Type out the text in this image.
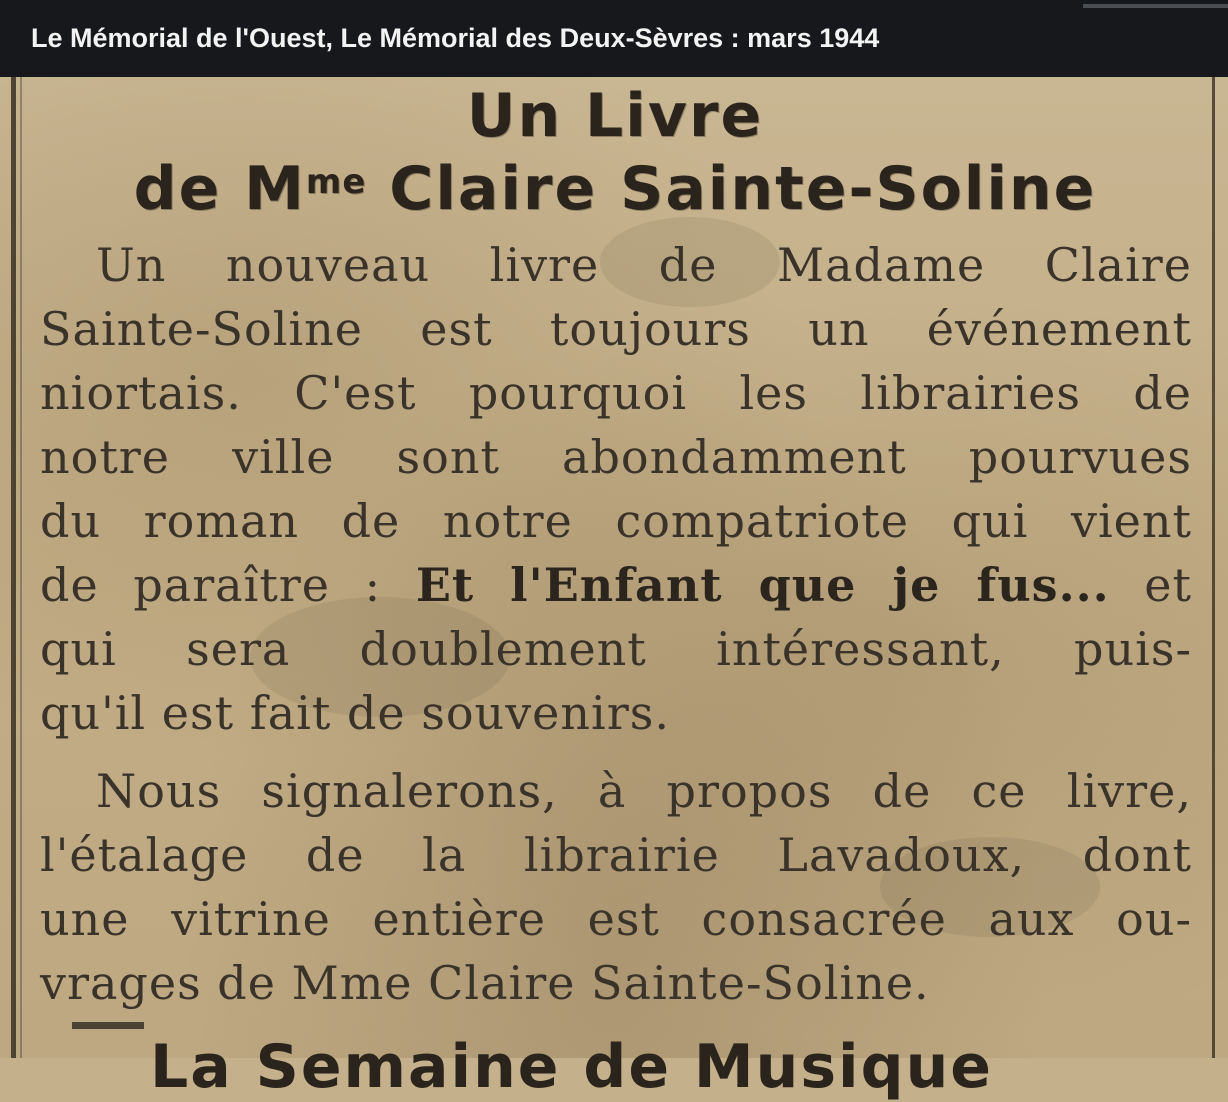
Le Mémorial de l'Ouest, Le Mémorial des Deux-Sèvres : mars 1944
Un Livre
de $M^{me}$ Claire Sainte-Soline
Un nouveau livre de Madame Claire
Sainte-Soline est toujours un événement
niortais. C'est pourquoi les librairies de
notre ville sont abondamment pourvues
du roman de notre compatriote qui vient
de paraître : Et l'Enfant que je fus... et
qui sera doublement intéressant, puis-
qu'il est fait de souvenirs.
Nous signalerons, à propos de ce livre,
l'étalage de la librairie Lavadoux, dont
une vitrine entière est consacrée aux ou-
vrages de Mme Claire Sainte-Soline.
La Semaine de Musique
